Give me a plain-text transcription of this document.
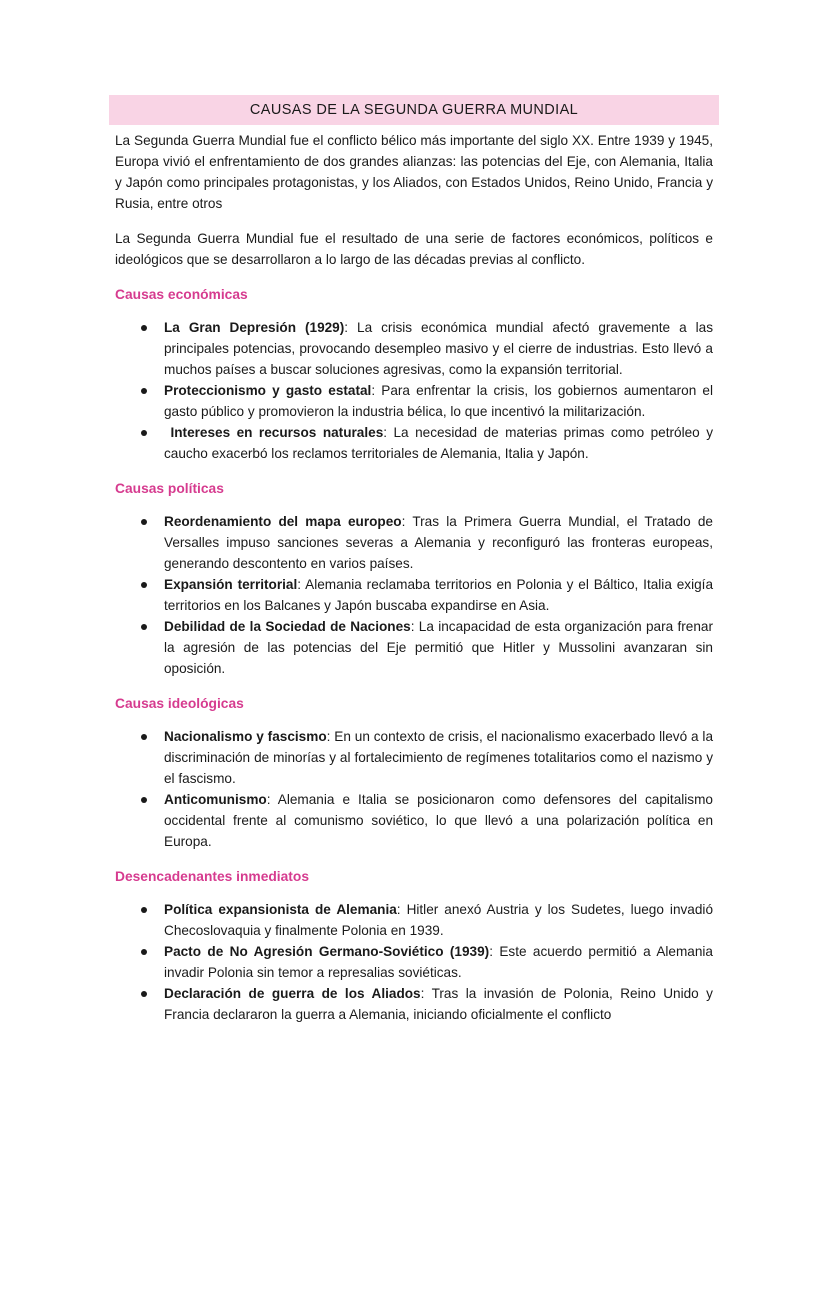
CAUSAS DE LA SEGUNDA GUERRA MUNDIAL

La Segunda Guerra Mundial fue el conflicto bélico más importante del siglo XX. Entre 1939 y 1945, Europa vivió el enfrentamiento de dos grandes alianzas: las potencias del Eje, con Alemania, Italia y Japón como principales protagonistas, y los Aliados, con Estados Unidos, Reino Unido, Francia y Rusia, entre otros

La Segunda Guerra Mundial fue el resultado de una serie de factores económicos, políticos e ideológicos que se desarrollaron a lo largo de las décadas previas al conflicto.

Causas económicas
La Gran Depresión (1929): La crisis económica mundial afectó gravemente a las principales potencias, provocando desempleo masivo y el cierre de industrias. Esto llevó a muchos países a buscar soluciones agresivas, como la expansión territorial.
Proteccionismo y gasto estatal: Para enfrentar la crisis, los gobiernos aumentaron el gasto público y promovieron la industria bélica, lo que incentivó la militarización.
Intereses en recursos naturales: La necesidad de materias primas como petróleo y caucho exacerbó los reclamos territoriales de Alemania, Italia y Japón.
Causas políticas
Reordenamiento del mapa europeo: Tras la Primera Guerra Mundial, el Tratado de Versalles impuso sanciones severas a Alemania y reconfiguró las fronteras europeas, generando descontento en varios países.
Expansión territorial: Alemania reclamaba territorios en Polonia y el Báltico, Italia exigía territorios en los Balcanes y Japón buscaba expandirse en Asia.
Debilidad de la Sociedad de Naciones: La incapacidad de esta organización para frenar la agresión de las potencias del Eje permitió que Hitler y Mussolini avanzaran sin oposición.
Causas ideológicas
Nacionalismo y fascismo: En un contexto de crisis, el nacionalismo exacerbado llevó a la discriminación de minorías y al fortalecimiento de regímenes totalitarios como el nazismo y el fascismo.
Anticomunismo: Alemania e Italia se posicionaron como defensores del capitalismo occidental frente al comunismo soviético, lo que llevó a una polarización política en Europa.
Desencadenantes inmediatos
Política expansionista de Alemania: Hitler anexó Austria y los Sudetes, luego invadió Checoslovaquia y finalmente Polonia en 1939.
Pacto de No Agresión Germano-Soviético (1939): Este acuerdo permitió a Alemania invadir Polonia sin temor a represalias soviéticas.
Declaración de guerra de los Aliados: Tras la invasión de Polonia, Reino Unido y Francia declararon la guerra a Alemania, iniciando oficialmente el conflicto
